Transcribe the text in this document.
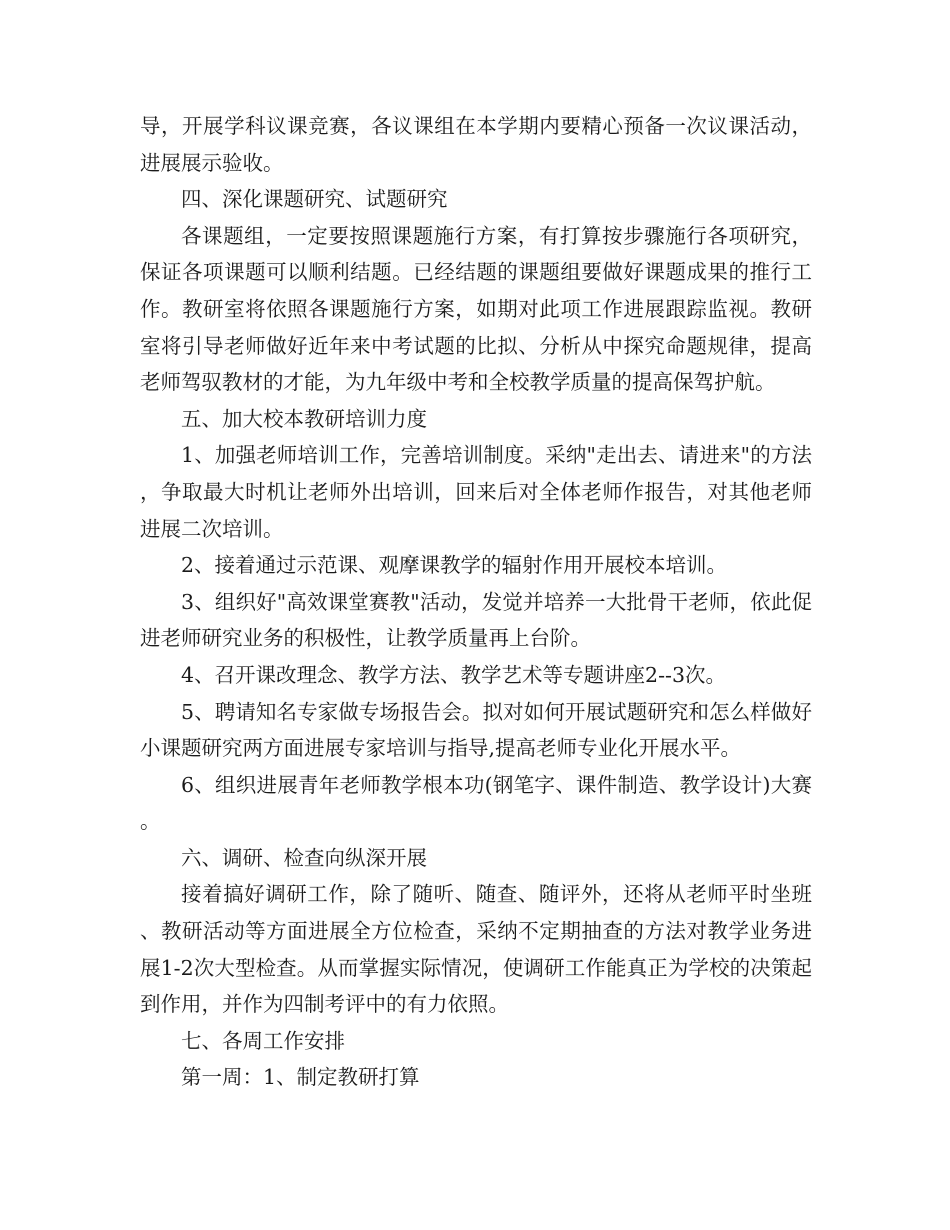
导，开展学科议课竞赛，各议课组在本学期内要精心预备一次议课活动，进展展示验收。

四、深化课题研究、试题研究

各课题组，一定要按照课题施行方案，有打算按步骤施行各项研究，保证各项课题可以顺利结题。已经结题的课题组要做好课题成果的推行工作。教研室将依照各课题施行方案，如期对此项工作进展跟踪监视。教研室将引导老师做好近年来中考试题的比拟、分析从中探究命题规律，提高老师驾驭教材的才能，为九年级中考和全校教学质量的提高保驾护航。

五、加大校本教研培训力度

1、加强老师培训工作，完善培训制度。采纳"走出去、请进来"的方法，争取最大时机让老师外出培训，回来后对全体老师作报告，对其他老师进展二次培训。

2、接着通过示范课、观摩课教学的辐射作用开展校本培训。

3、组织好"高效课堂赛教"活动，发觉并培养一大批骨干老师，依此促进老师研究业务的积极性，让教学质量再上台阶。

4、召开课改理念、教学方法、教学艺术等专题讲座2--3次。

5、聘请知名专家做专场报告会。拟对如何开展试题研究和怎么样做好小课题研究两方面进展专家培训与指导,提高老师专业化开展水平。

6、组织进展青年老师教学根本功(钢笔字、课件制造、教学设计)大赛。

六、调研、检查向纵深开展

接着搞好调研工作，除了随听、随查、随评外，还将从老师平时坐班、教研活动等方面进展全方位检查，采纳不定期抽查的方法对教学业务进展1-2次大型检查。从而掌握实际情况，使调研工作能真正为学校的决策起到作用，并作为四制考评中的有力依照。

七、各周工作安排

第一周：1、制定教研打算
